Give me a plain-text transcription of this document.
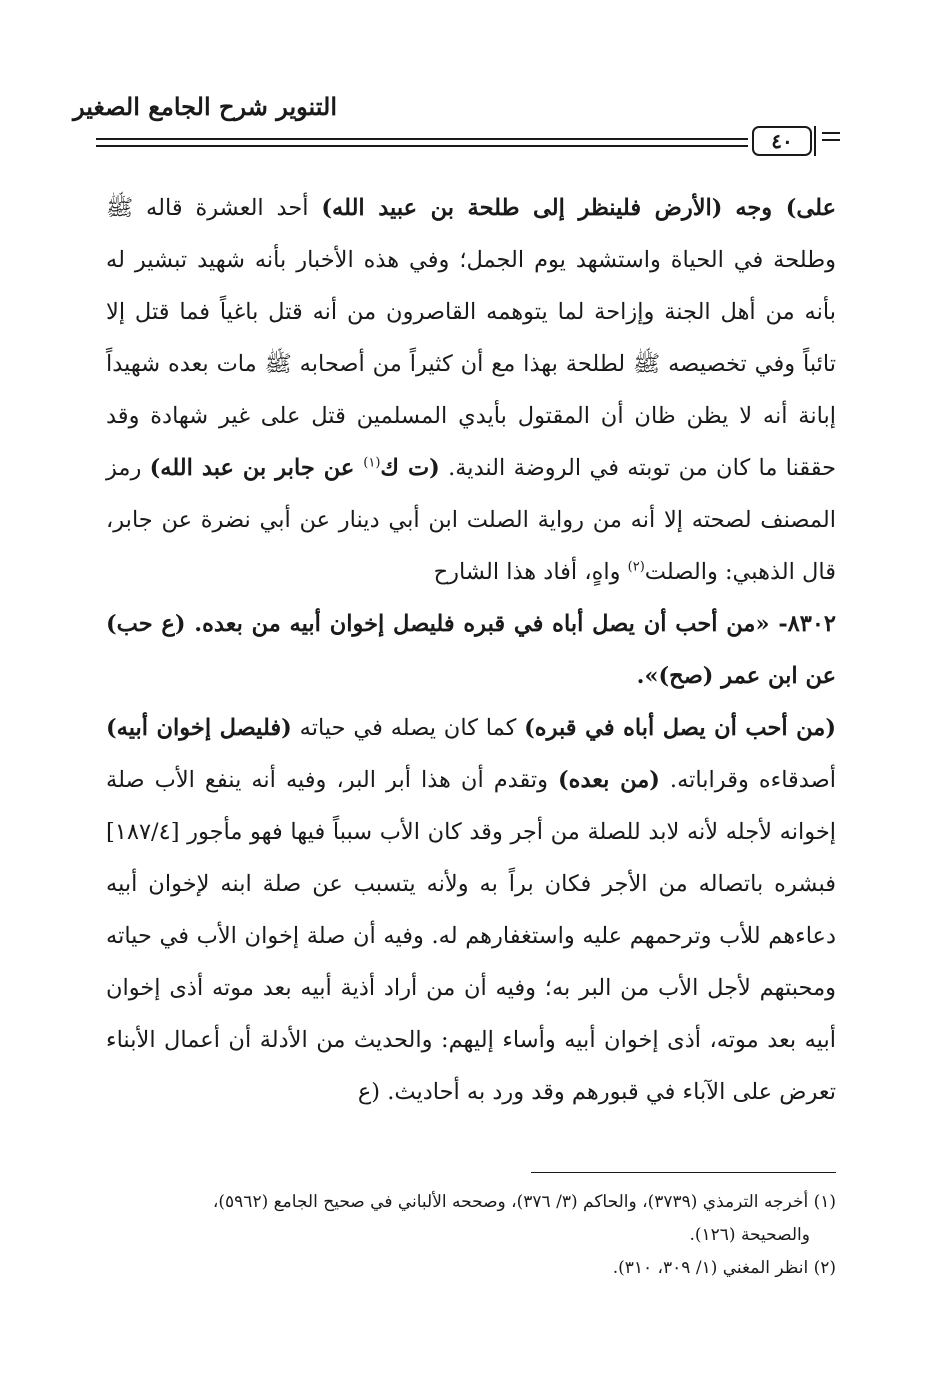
التنوير شرح الجامع الصغير
٤٠

على) وجه (الأرض فلينظر إلى طلحة بن عبيد الله) أحد العشرة قاله ﷺ وطلحة في الحياة واستشهد يوم الجمل؛ وفي هذه الأخبار بأنه شهيد تبشير له بأنه من أهل الجنة وإزاحة لما يتوهمه القاصرون من أنه قتل باغياً فما قتل إلا تائباً وفي تخصيصه ﷺ لطلحة بهذا مع أن كثيراً من أصحابه ﷺ مات بعده شهيداً إبانة أنه لا يظن ظان أن المقتول بأيدي المسلمين قتل على غير شهادة وقد حققنا ما كان من توبته في الروضة الندية. (ت ك$^{(١)}$ عن جابر بن عبد الله) رمز المصنف لصحته إلا أنه من رواية الصلت ابن أبي دينار عن أبي نضرة عن جابر، قال الذهبي: والصلت$^{(٢)}$ واهٍ، أفاد هذا الشارح

٨٣٠٢- «من أحب أن يصل أباه في قبره فليصل إخوان أبيه من بعده. (ع حب) عن ابن عمر (صح)».

(من أحب أن يصل أباه في قبره) كما كان يصله في حياته (فليصل إخوان أبيه) أصدقاءه وقراباته. (من بعده) وتقدم أن هذا أبر البر، وفيه أنه ينفع الأب صلة إخوانه لأجله لأنه لابد للصلة من أجر وقد كان الأب سبباً فيها فهو مأجور [١٨٧/٤] فبشره باتصاله من الأجر فكان براً به ولأنه يتسبب عن صلة ابنه لإخوان أبيه دعاءهم للأب وترحمهم عليه واستغفارهم له. وفيه أن صلة إخوان الأب في حياته ومحبتهم لأجل الأب من البر به؛ وفيه أن من أراد أذية أبيه بعد موته أذى إخوان أبيه بعد موته، أذى إخوان أبيه وأساء إليهم: والحديث من الأدلة أن أعمال الأبناء تعرض على الآباء في قبورهم وقد ورد به أحاديث. (ع

(١) أخرجه الترمذي (٣٧٣٩)، والحاكم (٣/ ٣٧٦)، وصححه الألباني في صحيح الجامع (٥٩٦٢)،

والصحيحة (١٢٦).

(٢) انظر المغني (١/ ٣٠٩، ٣١٠).
